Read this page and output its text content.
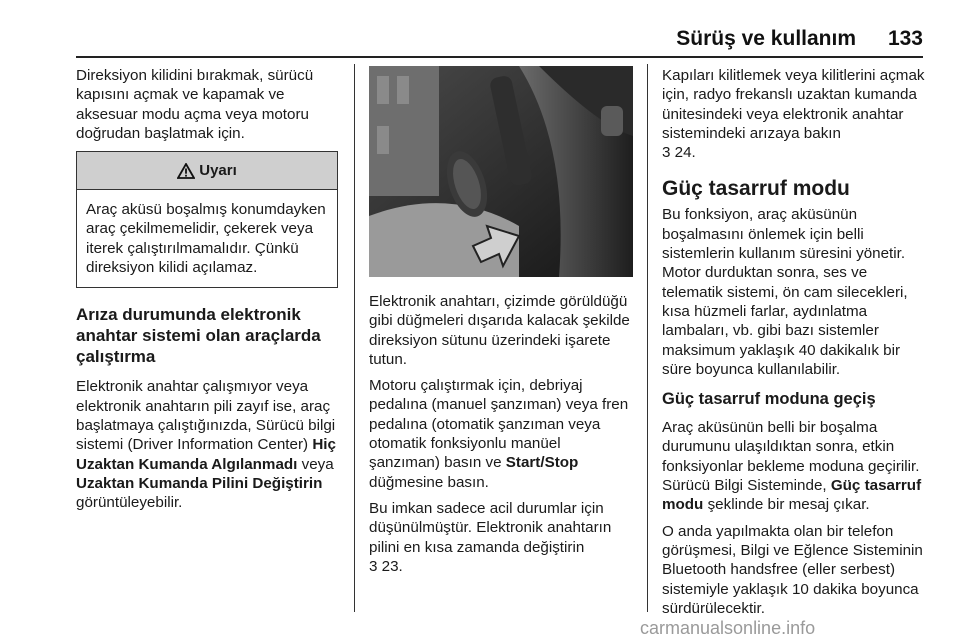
Sürüş ve kullanım 133

Direksiyon kilidini bırakmak, sürücü kapısını açmak ve kapamak ve aksesuar modu açma veya motoru doğrudan başlatmak için.

Uyarı
Araç aküsü boşalmış konumdayken araç çekilmemelidir, çekerek veya iterek çalıştırılmamalıdır. Çünkü direksiyon kilidi açılamaz.
Arıza durumunda elektronik anahtar sistemi olan araçlarda çalıştırma

Elektronik anahtar çalışmıyor veya elektronik anahtarın pili zayıf ise, araç başlatmaya çalıştığınızda, Sürücü bilgi sistemi (Driver Information Center) Hiç Uzaktan Kumanda Algılanmadı veya Uzaktan Kumanda Pilini Değiştirin görüntüleyebilir.

Elektronik anahtarı, çizimde görüldüğü gibi düğmeleri dışarıda kalacak şekilde direksiyon sütunu üzerindeki işarete tutun.

Motoru çalıştırmak için, debriyaj pedalına (manuel şanzıman) veya fren pedalına (otomatik şanzıman veya otomatik fonksiyonlu manüel şanzıman) basın ve Start/Stop düğmesine basın.

Bu imkan sadece acil durumlar için düşünülmüştür. Elektronik anahtarın pilini en kısa zamanda değiştirin
3 23.

Kapıları kilitlemek veya kilitlerini açmak için, radyo frekanslı uzaktan kumanda ünitesindeki veya elektronik anahtar sistemindeki arızaya bakın

3 24.

Güç tasarruf modu

Bu fonksiyon, araç aküsünün boşalmasını önlemek için belli sistemlerin kullanım süresini yönetir. Motor durduktan sonra, ses ve telematik sistemi, ön cam silecekleri, kısa hüzmeli farlar, aydınlatma lambaları, vb. gibi bazı sistemler maksimum yaklaşık 40 dakikalık bir süre boyunca kullanılabilir.

Güç tasarruf moduna geçiş

Araç aküsünün belli bir boşalma durumunu ulaşıldıktan sonra, etkin fonksiyonlar bekleme moduna geçirilir. Sürücü Bilgi Sisteminde, Güç tasarruf modu şeklinde bir mesaj çıkar.

O anda yapılmakta olan bir telefon görüşmesi, Bilgi ve Eğlence Sisteminin Bluetooth handsfree (eller serbest) sistemiyle yaklaşık 10 dakika boyunca sürdürülecektir.

carmanualsonline.info
